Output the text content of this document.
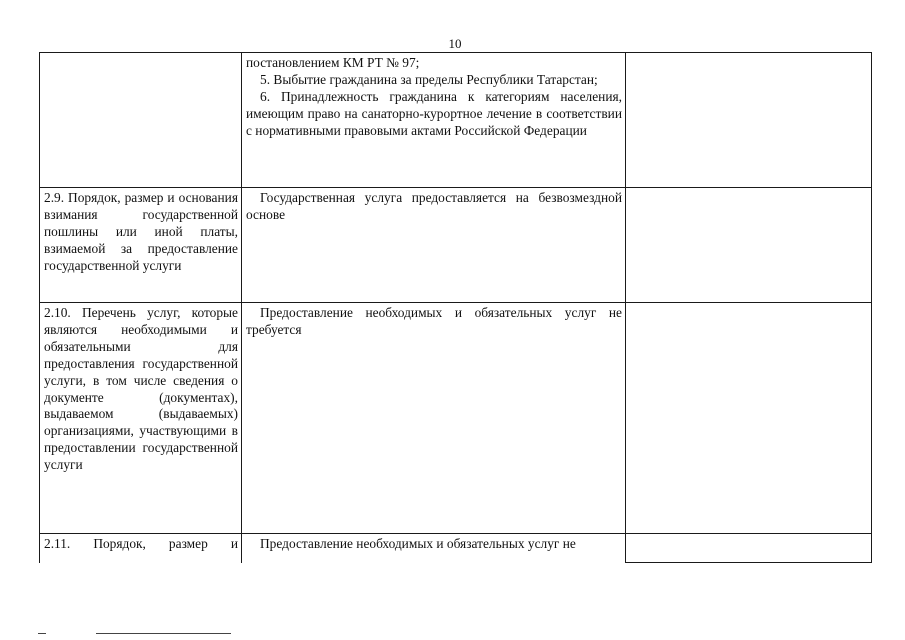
10

	постановлением КМ РТ № 97;

5. Выбытие гражданина за пределы Республики Татарстан;

6. Принадлежность гражданина к категориям населения, имеющим право на санаторно-курортное лечение в соответствии с нормативными правовыми актами Российской Федерации	

2.9. Порядок, размер и основания взимания государственной пошлины или иной платы, взимаемой за предоставление государственной услуги	Государственная услуга предоставляется на безвозмездной основе	

2.10. Перечень услуг, которые являются необходимыми и обязательными для предоставления государственной услуги, в том числе сведения о документе (документах), выдаваемом (выдаваемых) организациями, участвующими в предоставлении государственной услуги	Предоставление необходимых и обязательных услуг не требуется	

2.11. Порядок, размер и	Предоставление необходимых и обязательных услуг не	
